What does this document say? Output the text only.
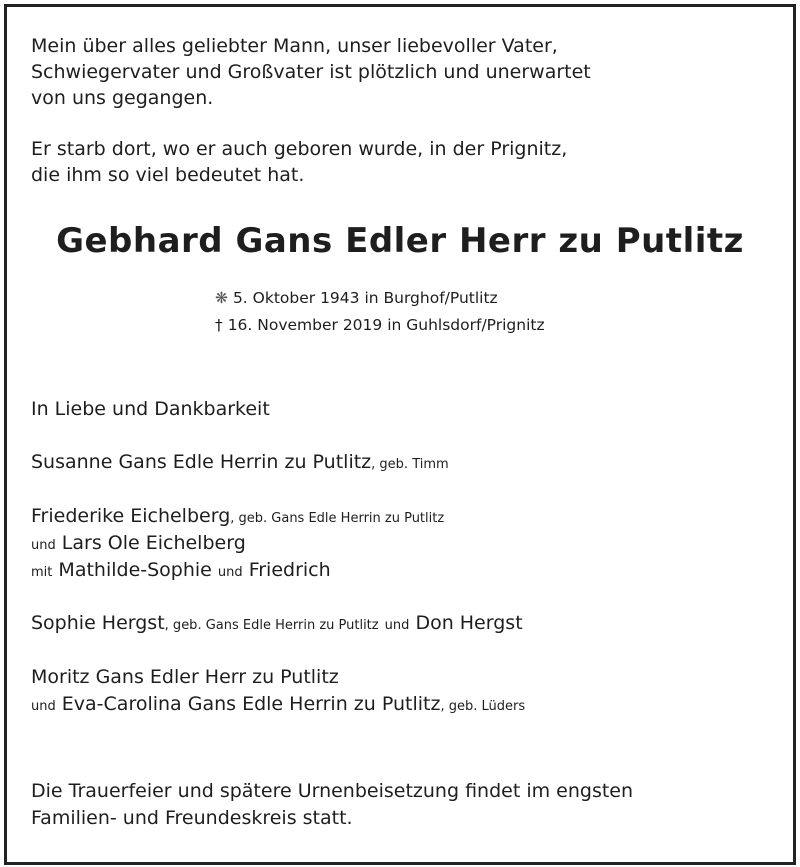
Mein über alles geliebter Mann, unser liebevoller Vater,
Schwiegervater und Großvater ist plötzlich und unerwartet
von uns gegangen.
Er starb dort, wo er auch geboren wurde, in der Prignitz,
die ihm so viel bedeutet hat.
Gebhard Gans Edler Herr zu Putlitz
❋ 5. Oktober 1943 in Burghof/Putlitz
† 16. November 2019 in Guhlsdorf/Prignitz
In Liebe und Dankbarkeit
Susanne Gans Edle Herrin zu Putlitz, geb. Timm
Friederike Eichelberg, geb. Gans Edle Herrin zu Putlitz
und Lars Ole Eichelberg
mit Mathilde-Sophie und Friedrich
Sophie Hergst, geb. Gans Edle Herrin zu Putlitz und Don Hergst
Moritz Gans Edler Herr zu Putlitz
und Eva-Carolina Gans Edle Herrin zu Putlitz, geb. Lüders
Die Trauerfeier und spätere Urnenbeisetzung findet im engsten
Familien- und Freundeskreis statt.
